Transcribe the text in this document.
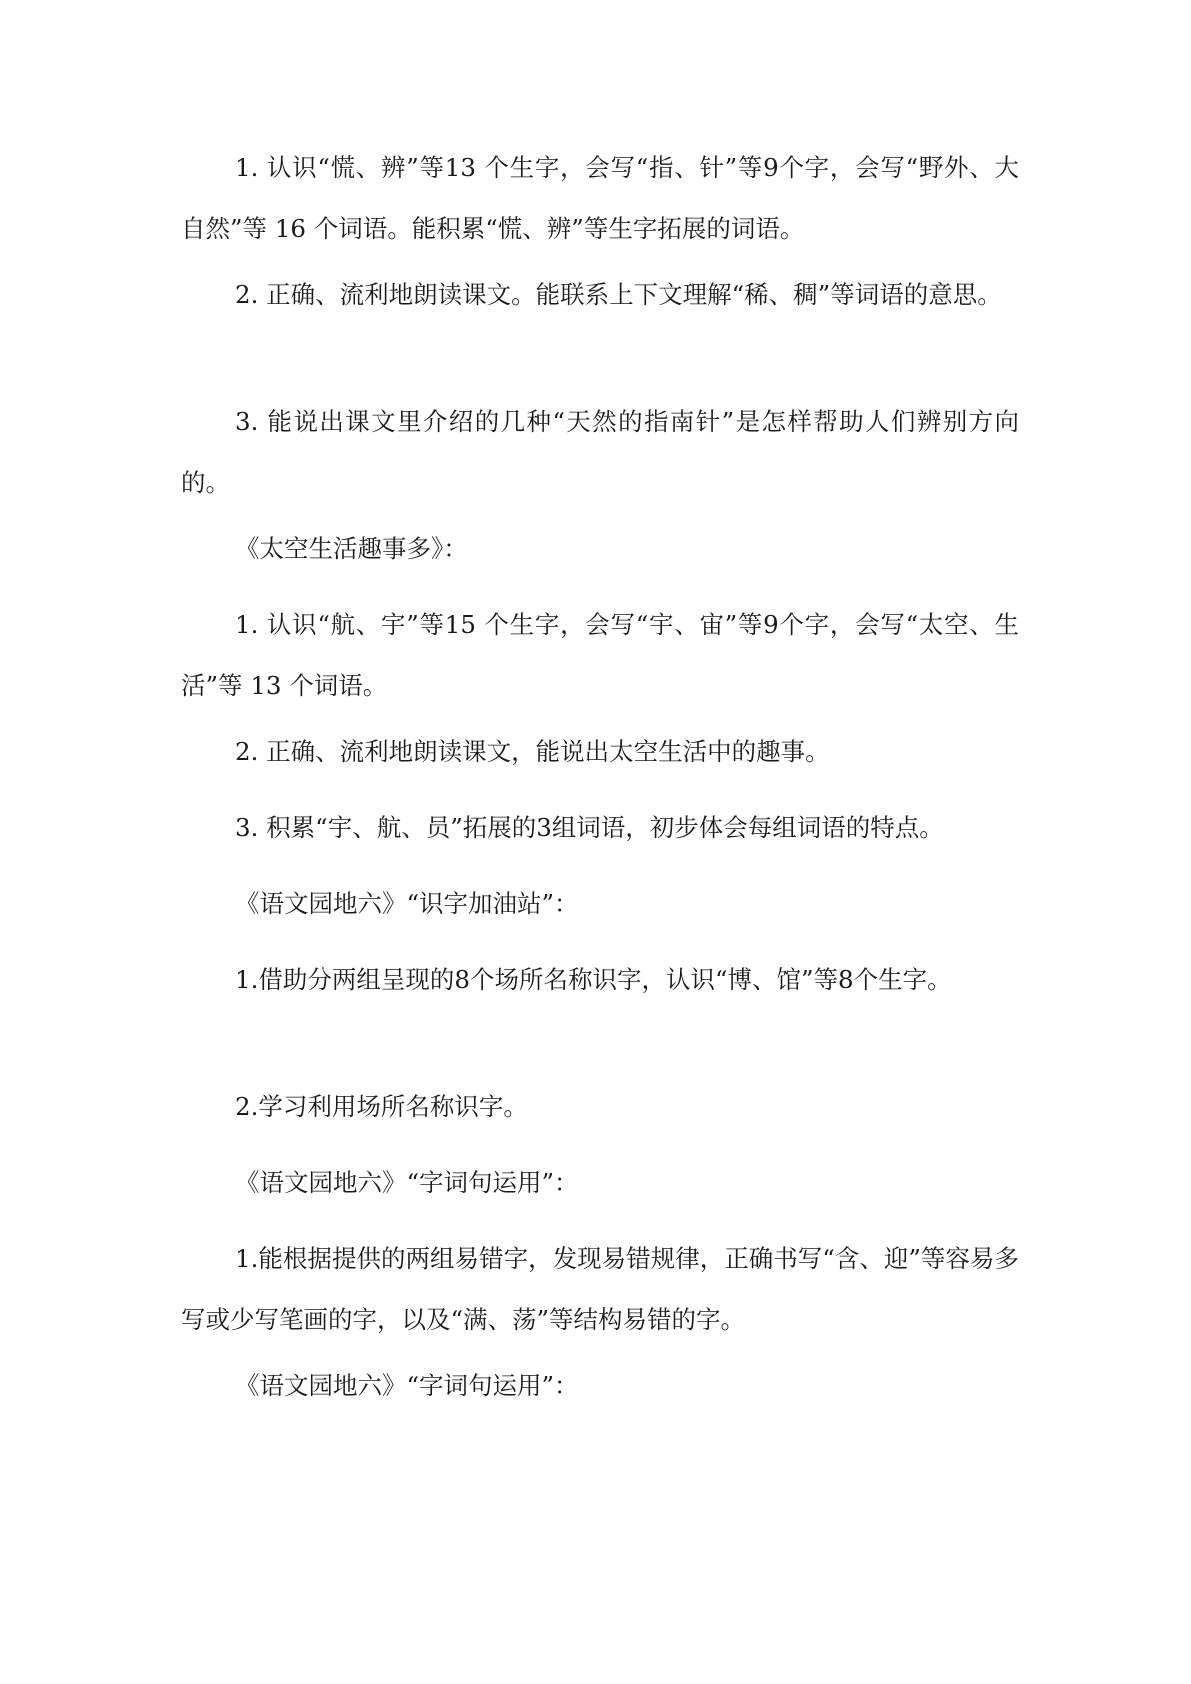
1. 认识“慌、辨”等13 个生字，会写“指、针”等9个字，会写“野外、大自然”等 16 个词语。能积累“慌、辨”等生字拓展的词语。

2. 正确、流利地朗读课文。能联系上下文理解“稀、稠”等词语的意思。

3. 能说出课文里介绍的几种“天然的指南针”是怎样帮助人们辨别方向的。

《太空生活趣事多》：

1. 认识“航、宇”等15 个生字，会写“宇、宙”等9个字，会写“太空、生活”等 13 个词语。

2. 正确、流利地朗读课文，能说出太空生活中的趣事。

3. 积累“宇、航、员”拓展的3组词语，初步体会每组词语的特点。

《语文园地六》“识字加油站”：

1.借助分两组呈现的8个场所名称识字，认识“博、馆”等8个生字。

2.学习利用场所名称识字。

《语文园地六》“字词句运用”：

1.能根据提供的两组易错字，发现易错规律，正确书写“含、迎”等容易多写或少写笔画的字，以及“满、荡”等结构易错的字。

《语文园地六》“字词句运用”：
